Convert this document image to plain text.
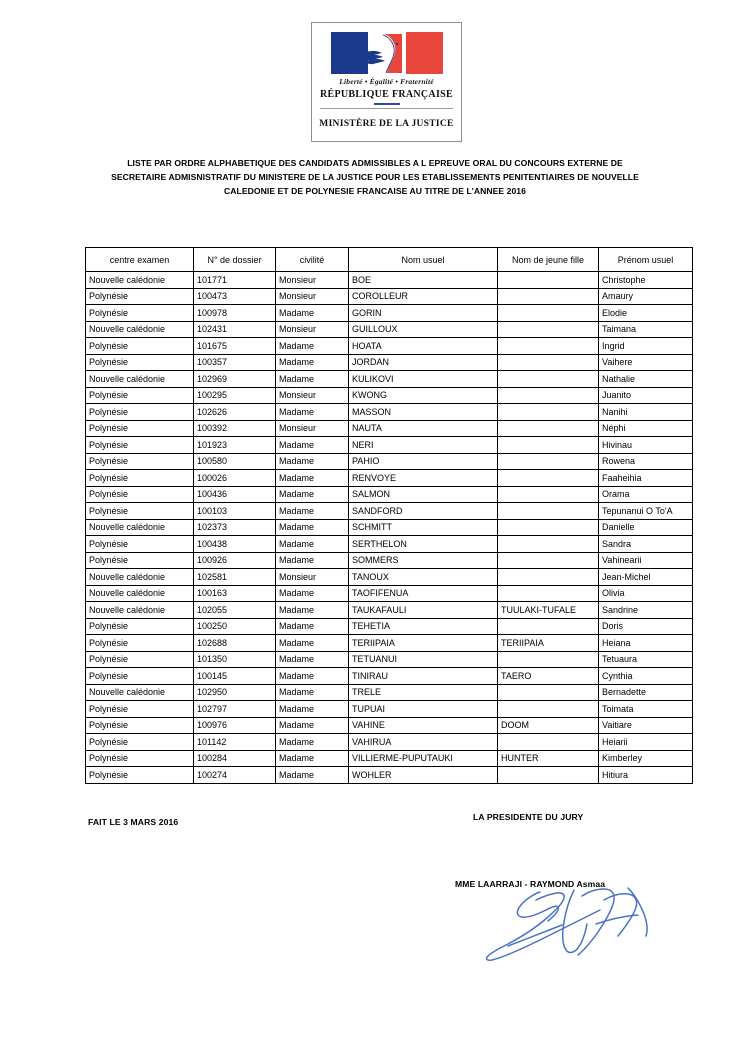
Liberté • Égalité • Fraternité
RÉPUBLIQUE FRANÇAISE
MINISTÈRE DE LA JUSTICE
LISTE PAR ORDRE ALPHABETIQUE DES CANDIDATS ADMISSIBLES A L EPREUVE ORAL DU CONCOURS EXTERNE DE
SECRETAIRE ADMISNISTRATIF DU MINISTERE DE LA JUSTICE POUR LES ETABLISSEMENTS PENITENTIAIRES DE NOUVELLE
CALEDONIE ET DE POLYNESIE FRANCAISE AU TITRE DE L'ANNEE 2016
centre examen	N° de dossier	civilité	Nom usuel	Nom de jeune fille	Prénom usuel
Nouvelle calédonie	101771	Monsieur	BOE		Christophe
Polynésie	100473	Monsieur	COROLLEUR		Amaury
Polynésie	100978	Madame	GORIN		Elodie
Nouvelle calédonie	102431	Monsieur	GUILLOUX		Taimana
Polynésie	101675	Madame	HOATA		Ingrid
Polynésie	100357	Madame	JORDAN		Vaihere
Nouvelle calédonie	102969	Madame	KULIKOVI		Nathalie
Polynésie	100295	Monsieur	KWONG		Juanito
Polynésie	102626	Madame	MASSON		Nanihi
Polynésie	100392	Monsieur	NAUTA		Néphi
Polynésie	101923	Madame	NERI		Hivinau
Polynésie	100580	Madame	PAHIO		Rowena
Polynésie	100026	Madame	RENVOYE		Faaheihia
Polynésie	100436	Madame	SALMON		Orama
Polynésie	100103	Madame	SANDFORD		Tepunanui O To'A
Nouvelle calédonie	102373	Madame	SCHMITT		Danielle
Polynésie	100438	Madame	SERTHELON		Sandra
Polynésie	100926	Madame	SOMMERS		Vahinearii
Nouvelle calédonie	102581	Monsieur	TANOUX		Jean-Michel
Nouvelle calédonie	100163	Madame	TAOFIFENUA		Olivia
Nouvelle calédonie	102055	Madame	TAUKAFAULI	TUULAKI-TUFALE	Sandrine
Polynésie	100250	Madame	TEHETIA		Doris
Polynésie	102688	Madame	TERIIPAIA	TERIIPAIA	Heiana
Polynésie	101350	Madame	TETUANUI		Tetuaura
Polynésie	100145	Madame	TINIRAU	TAERO	Cynthia
Nouvelle calédonie	102950	Madame	TRELE		Bernadette
Polynésie	102797	Madame	TUPUAI		Toimata
Polynésie	100976	Madame	VAHINE	DOOM	Vaitiare
Polynésie	101142	Madame	VAHIRUA		Heiarii
Polynésie	100284	Madame	VILLIERME-PUPUTAUKI	HUNTER	Kimberley
Polynésie	100274	Madame	WOHLER		Hitiura
FAIT LE 3 MARS 2016	LA PRESIDENTE DU JURY
MME LAARRAJI - RAYMOND Asmaa
